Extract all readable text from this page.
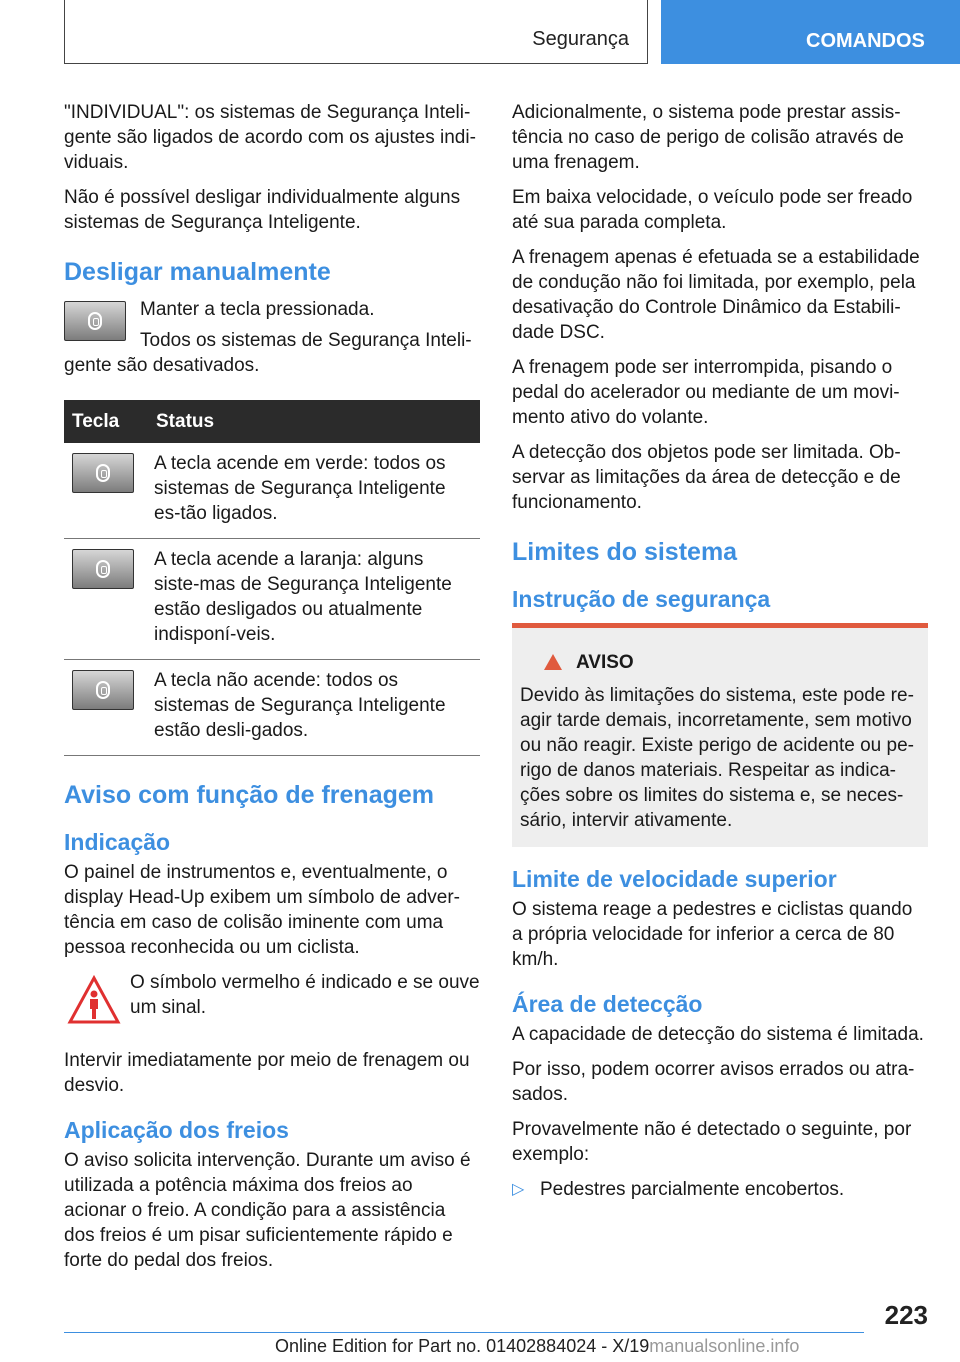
Segurança	COMANDOS

"INDIVIDUAL": os sistemas de Segurança Inteli-gente são ligados de acordo com os ajustes indi-viduais.

Não é possível desligar individualmente alguns sistemas de Segurança Inteligente.

Desligar manualmente

Manter a tecla pressionada.

Todos os sistemas de Segurança Inteli-gente são desativados.

Tecla	Status

	A tecla acende em verde: todos os sistemas de Segurança Inteligente es-tão ligados.

	A tecla acende a laranja: alguns siste-mas de Segurança Inteligente estão desligados ou atualmente indisponí-veis.

	A tecla não acende: todos os sistemas de Segurança Inteligente estão desli-gados.
Aviso com função de frenagem
Indicação

O painel de instrumentos e, eventualmente, o display Head-Up exibem um símbolo de adver-tência em caso de colisão iminente com uma pessoa reconhecida ou um ciclista.

O símbolo vermelho é indicado e se ouve um sinal.

Intervir imediatamente por meio de frenagem ou desvio.

Aplicação dos freios

O aviso solicita intervenção. Durante um aviso é utilizada a potência máxima dos freios ao acionar o freio. A condição para a assistência dos freios é um pisar suficientemente rápido e forte do pedal dos freios.

Adicionalmente, o sistema pode prestar assis-tência no caso de perigo de colisão através de uma frenagem.

Em baixa velocidade, o veículo pode ser freado até sua parada completa.

A frenagem apenas é efetuada se a estabilidade de condução não foi limitada, por exemplo, pela desativação do Controle Dinâmico da Estabili-dade DSC.

A frenagem pode ser interrompida, pisando o pedal do acelerador ou mediante de um movi-mento ativo do volante.

A detecção dos objetos pode ser limitada. Ob-servar as limitações da área de detecção e de funcionamento.

Limites do sistema
Instrução de segurança
AVISO
Devido às limitações do sistema, este pode re-agir tarde demais, incorretamente, sem motivo ou não reagir. Existe perigo de acidente ou pe-rigo de danos materiais. Respeitar as indica-ções sobre os limites do sistema e, se neces-sário, intervir ativamente.
Limite de velocidade superior

O sistema reage a pedestres e ciclistas quando a própria velocidade for inferior a cerca de 80 km/h.

Área de detecção

A capacidade de detecção do sistema é limitada.

Por isso, podem ocorrer avisos errados ou atra-sados.

Provavelmente não é detectado o seguinte, por exemplo:

▷ Pedestres parcialmente encobertos.

223
Online Edition for Part no. 01402884024 - X/19manualsonline.info
